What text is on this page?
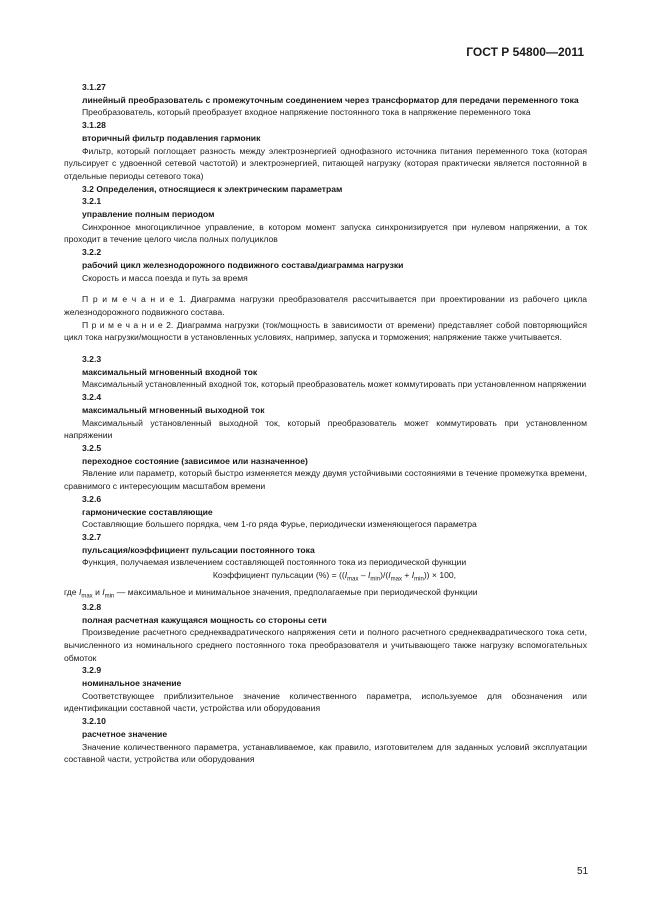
ГОСТ Р 54800—2011

3.1.27

линейный преобразователь с промежуточным соединением через трансформатор для передачи переменного тока

Преобразователь, который преобразует входное напряжение постоянного тока в напряжение переменного тока

3.1.28

вторичный фильтр подавления гармоник

Фильтр, который поглощает разность между электроэнергией однофазного источника питания переменного тока (которая пульсирует с удвоенной сетевой частотой) и электроэнергией, питающей нагрузку (которая практически является постоянной в отдельные периоды сетевого тока)

3.2 Определения, относящиеся к электрическим параметрам

3.2.1

управление полным периодом

Синхронное многоцикличное управление, в котором момент запуска синхронизируется при нулевом напряжении, а ток проходит в течение целого числа полных полуциклов

3.2.2

рабочий цикл железнодорожного подвижного состава/диаграмма нагрузки

Скорость и масса поезда и путь за время

П р и м е ч а н и е 1. Диаграмма нагрузки преобразователя рассчитывается при проектировании из рабочего цикла железнодорожного подвижного состава.

П р и м е ч а н и е 2. Диаграмма нагрузки (ток/мощность в зависимости от времени) представляет собой повторяющийся цикл тока нагрузки/мощности в установленных условиях, например, запуска и торможения; напряжение также учитывается.

3.2.3

максимальный мгновенный входной ток

Максимальный установленный входной ток, который преобразователь может коммутировать при установленном напряжении

3.2.4

максимальный мгновенный выходной ток

Максимальный установленный выходной ток, который преобразователь может коммутировать при установленном напряжении

3.2.5

переходное состояние (зависимое или назначенное)

Явление или параметр, который быстро изменяется между двумя устойчивыми состояниями в течение промежутка времени, сравнимого с интересующим масштабом времени

3.2.6

гармонические составляющие

Составляющие большего порядка, чем 1-го ряда Фурье, периодически изменяющегося параметра

3.2.7

пульсация/коэффициент пульсации постоянного тока

Функция, получаемая извлечением составляющей постоянного тока из периодической функции

Коэффициент пульсации (%) = $((I_{max} - I_{min})/(I_{max} + I_{min})) \times 100$,

где $I_{max}$ и $I_{min}$ — максимальное и минимальное значения, предполагаемые при периодической функции

3.2.8

полная расчетная кажущаяся мощность со стороны сети

Произведение расчетного среднеквадратического напряжения сети и полного расчетного среднеквадратического тока сети, вычисленного из номинального среднего постоянного тока преобразователя и учитывающего также нагрузку вспомогательных обмоток

3.2.9

номинальное значение

Соответствующее приблизительное значение количественного параметра, используемое для обозначения или идентификации составной части, устройства или оборудования

3.2.10

расчетное значение

Значение количественного параметра, устанавливаемое, как правило, изготовителем для заданных условий эксплуатации составной части, устройства или оборудования

51
